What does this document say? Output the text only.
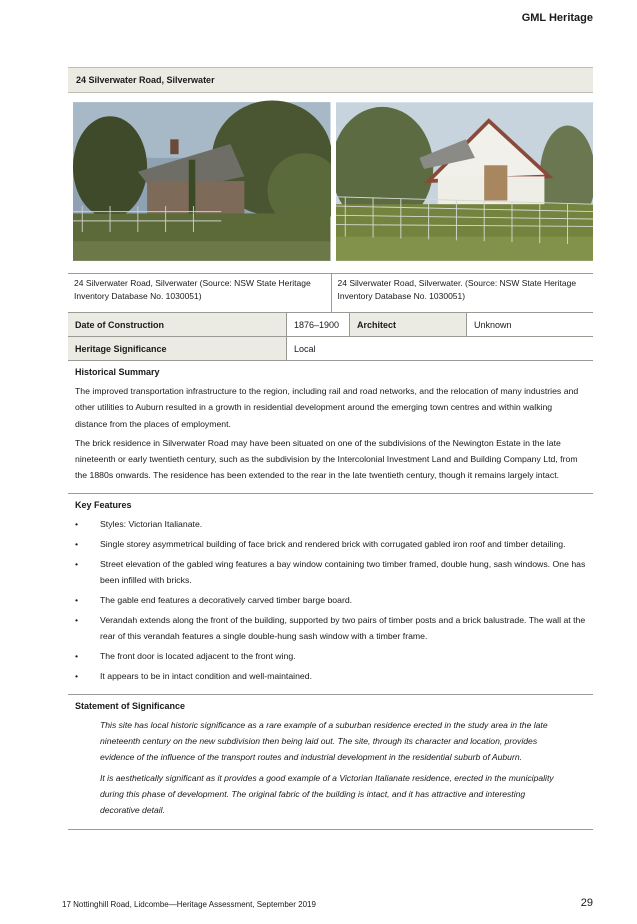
GML Heritage
24 Silverwater Road, Silverwater
24 Silverwater Road, Silverwater (Source: NSW State Heritage Inventory Database No. 1030051)
24 Silverwater Road, Silverwater. (Source: NSW State Heritage Inventory Database No. 1030051)
Date of Construction	1876–1900	Architect	Unknown
Heritage Significance	Local		
Historical Summary

The improved transportation infrastructure to the region, including rail and road networks, and the relocation of many industries and other utilities to Auburn resulted in a growth in residential development around the emerging town centres and within walking distance from the places of employment.

The brick residence in Silverwater Road may have been situated on one of the subdivisions of the Newington Estate in the late nineteenth or early twentieth century, such as the subdivision by the Intercolonial Investment Land and Building Company Ltd, from the 1880s onwards. The residence has been extended to the rear in the late twentieth century, though it remains largely intact.

Key Features
•	Styles: Victorian Italianate.
•	Single storey asymmetrical building of face brick and rendered brick with corrugated gabled iron roof and timber detailing.
•	Street elevation of the gabled wing features a bay window containing two timber framed, double hung, sash windows. One has been infilled with bricks.
•	The gable end features a decoratively carved timber barge board.
•	Verandah extends along the front of the building, supported by two pairs of timber posts and a brick balustrade. The wall at the rear of this verandah features a single double-hung sash window with a timber frame.
•	The front door is located adjacent to the front wing.
•	It appears to be in intact condition and well-maintained.
Statement of Significance

This site has local historic significance as a rare example of a suburban residence erected in the study area in the late nineteenth century on the new subdivision then being laid out. The site, through its character and location, provides evidence of the influence of the transport routes and industrial development in the residential suburb of Auburn.

It is aesthetically significant as it provides a good example of a Victorian Italianate residence, erected in the municipality during this phase of development. The original fabric of the building is intact, and it has attractive and interesting decorative detail.

17 Nottinghill Road, Lidcombe—Heritage Assessment, September 2019	29
